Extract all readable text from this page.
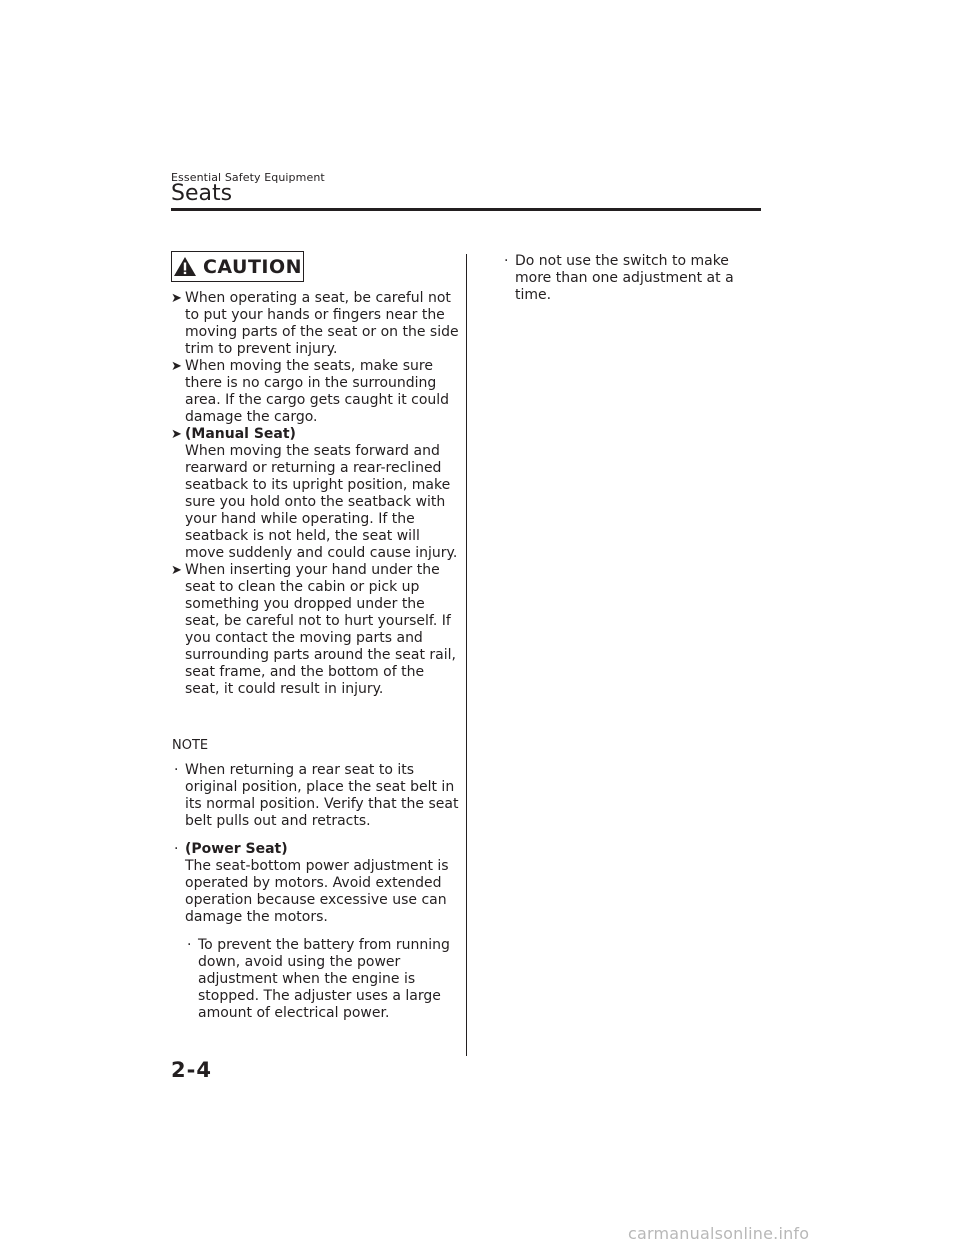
Essential Safety Equipment
Seats
CAUTION
➤ When operating a seat, be careful not to put your hands or fingers near the moving parts of the seat or on the side trim to prevent injury.
➤ When moving the seats, make sure there is no cargo in the surrounding area. If the cargo gets caught it could damage the cargo.
➤ (Manual Seat)
When moving the seats forward and rearward or returning a rear-reclined seatback to its upright position, make sure you hold onto the seatback with your hand while operating. If the seatback is not held, the seat will move suddenly and could cause injury.
➤ When inserting your hand under the seat to clean the cabin or pick up something you dropped under the seat, be careful not to hurt yourself. If you contact the moving parts and surrounding parts around the seat rail, seat frame, and the bottom of the seat, it could result in injury.
NOTE
· When returning a rear seat to its original position, place the seat belt in its normal position. Verify that the seat belt pulls out and retracts.
· (Power Seat)
The seat-bottom power adjustment is operated by motors. Avoid extended operation because excessive use can damage the motors.
· To prevent the battery from running down, avoid using the power adjustment when the engine is stopped. The adjuster uses a large amount of electrical power.
· Do not use the switch to make more than one adjustment at a time.
2-4
carmanualsonline.info
